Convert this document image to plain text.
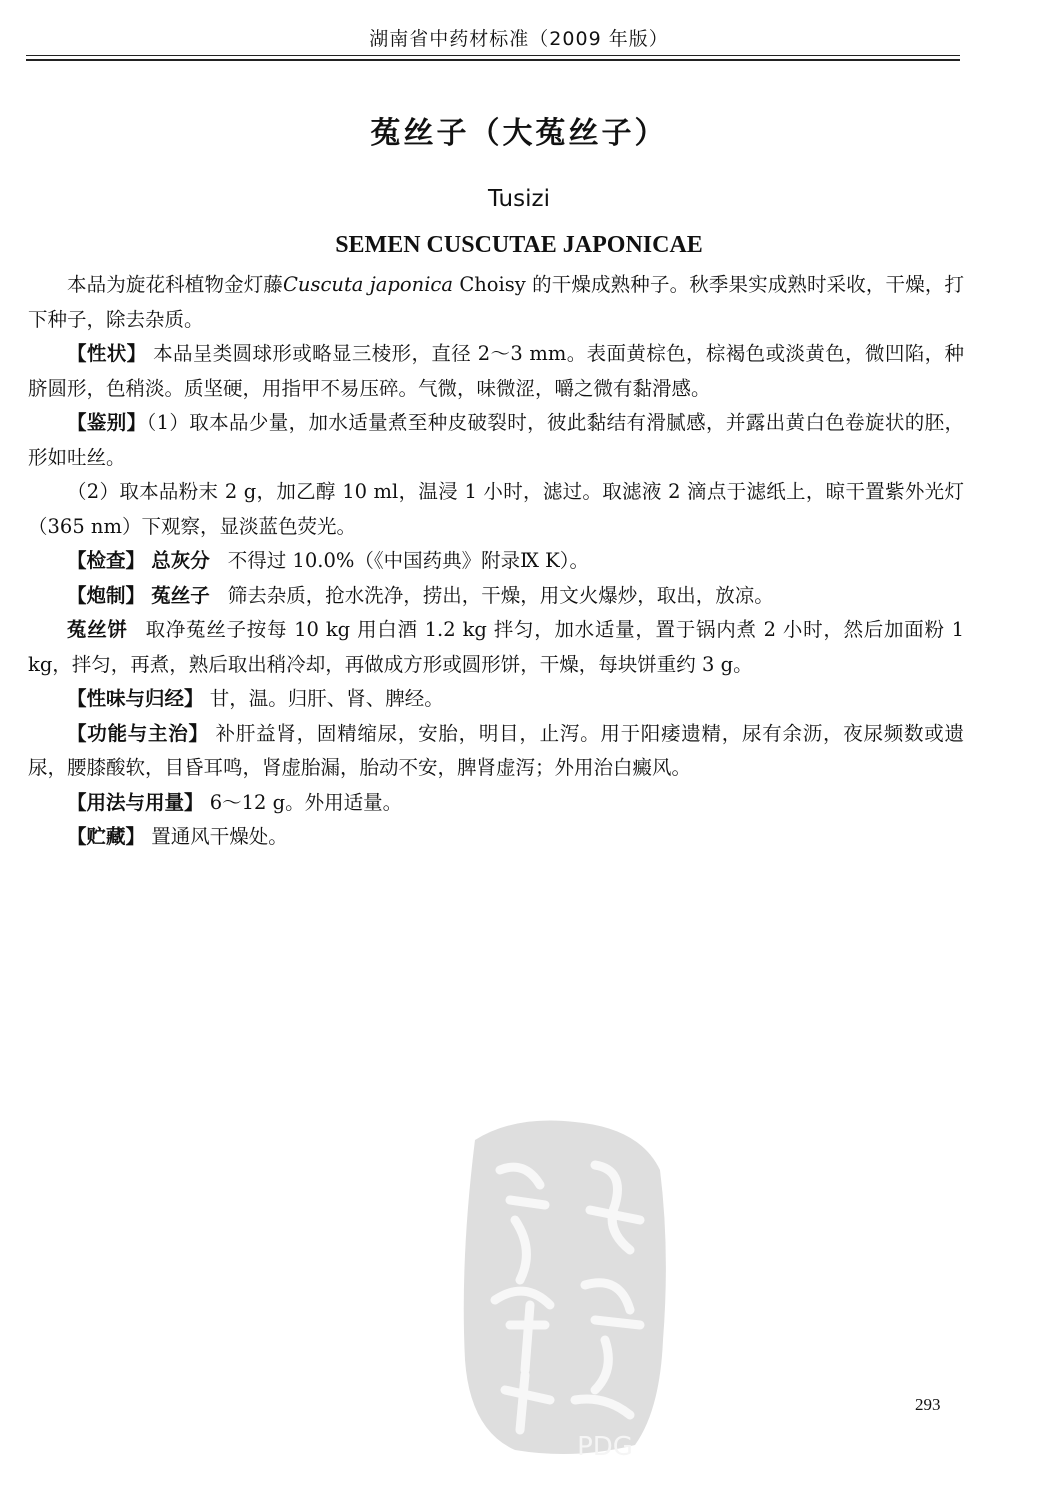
湖南省中药材标准（2009 年版）
菟丝子（大菟丝子）
Tusizi
SEMEN CUSCUTAE JAPONICAE

本品为旋花科植物金灯藤Cuscuta japonica Choisy 的干燥成熟种子。秋季果实成熟时采收，干燥，打下种子，除去杂质。

【性状】 本品呈类圆球形或略显三棱形，直径 2～3 mm。表面黄棕色，棕褐色或淡黄色，微凹陷，种脐圆形，色稍淡。质坚硬，用指甲不易压碎。气微，味微涩，嚼之微有黏滑感。

【鉴别】（1）取本品少量，加水适量煮至种皮破裂时，彼此黏结有滑腻感，并露出黄白色卷旋状的胚，形如吐丝。

（2）取本品粉末 2 g，加乙醇 10 ml，温浸 1 小时，滤过。取滤液 2 滴点于滤纸上，晾干置紫外光灯（365 nm）下观察，显淡蓝色荧光。

【检查】 总灰分 不得过 10.0%（《中国药典》附录Ⅸ K）。

【炮制】 菟丝子 筛去杂质，抢水洗净，捞出，干燥，用文火爆炒，取出，放凉。

菟丝饼 取净菟丝子按每 10 kg 用白酒 1.2 kg 拌匀，加水适量，置于锅内煮 2 小时，然后加面粉 1 kg，拌匀，再煮，熟后取出稍冷却，再做成方形或圆形饼，干燥，每块饼重约 3 g。

【性味与归经】 甘，温。归肝、肾、脾经。

【功能与主治】 补肝益肾，固精缩尿，安胎，明目，止泻。用于阳痿遗精，尿有余沥，夜尿频数或遗尿，腰膝酸软，目昏耳鸣，肾虚胎漏，胎动不安，脾肾虚泻；外用治白癜风。

【用法与用量】 6～12 g。外用适量。

【贮藏】 置通风干燥处。

PDG
293
